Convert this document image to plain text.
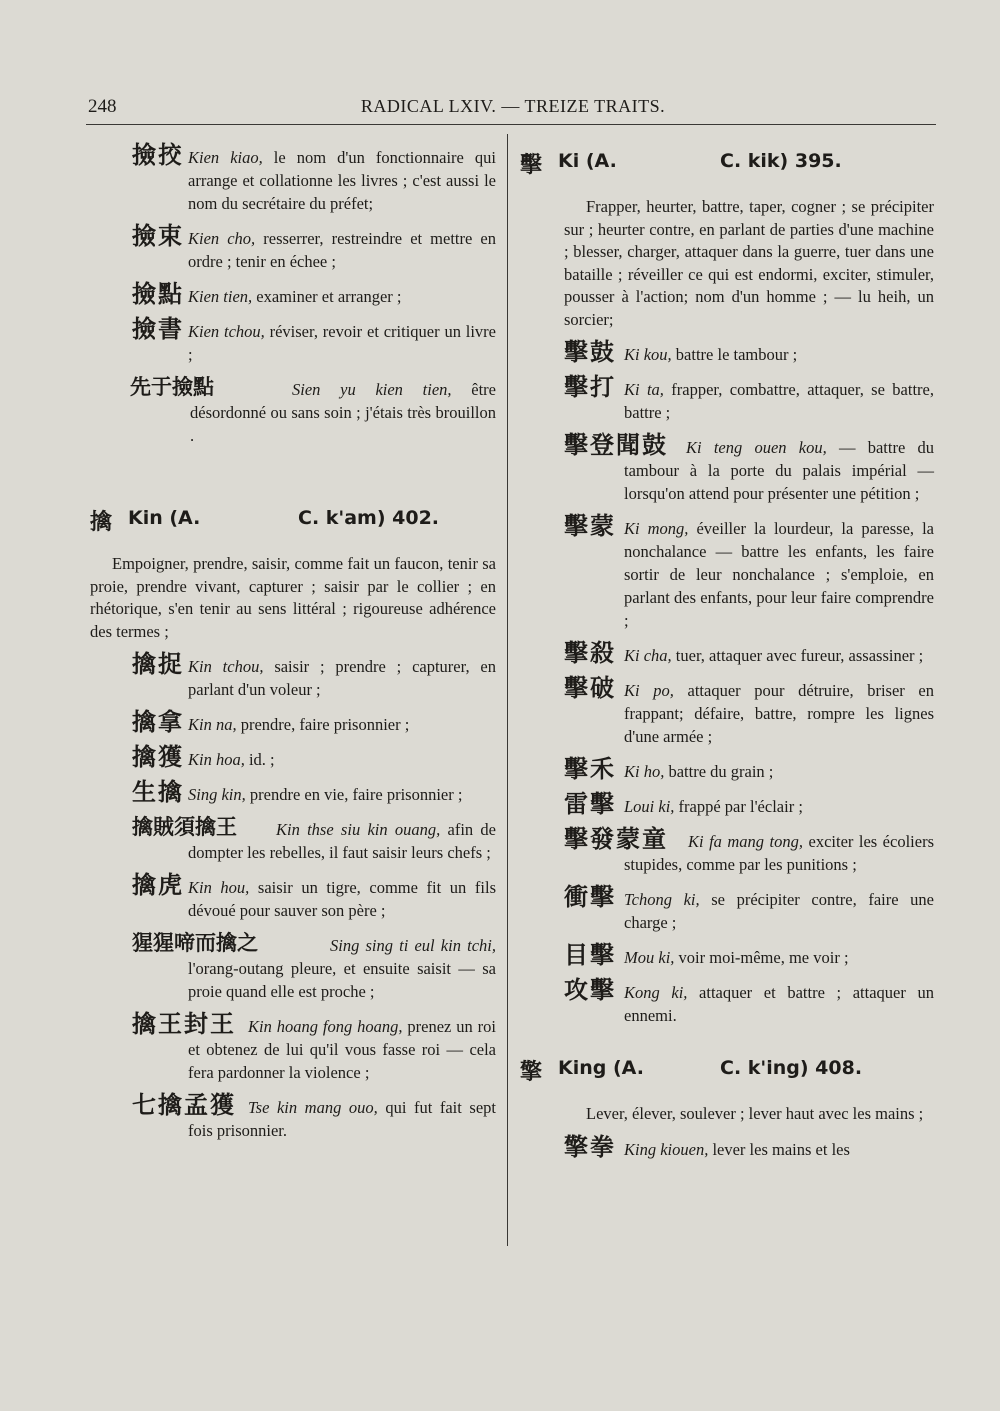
248	RADICAL LXIV. — TREIZE TRAITS.
撿挍 Kien kiao, le nom d'un fonctionnaire qui arrange et collationne les livres ; c'est aussi le nom du secrétaire du préfet;
撿束 Kien cho, resserrer, restreindre et mettre en ordre ; tenir en échee ;
撿點 Kien tien, examiner et arranger ;
撿書 Kien tchou, réviser, revoir et critiquer un livre ;
先于撿點	Sien yu kien tien, être désordonné ou sans soin ; j'étais très brouillon .
擒 Kin (A.	C. k'am) 402.

Empoigner, prendre, saisir, comme fait un faucon, tenir sa proie, prendre vivant, capturer ; saisir par le collier ; en rhétorique, s'en tenir au sens littéral ; rigoureuse adhérence des termes ;

擒捉 Kin tchou, saisir ; prendre ; capturer, en parlant d'un voleur ;
擒拿 Kin na, prendre, faire prisonnier ;
擒獲 Kin hoa, id. ;
生擒 Sing kin, prendre en vie, faire prisonnier ;
擒賊須擒王 Kin thse siu kin ouang, afin de dompter les rebelles, il faut saisir leurs chefs ;
擒虎 Kin hou, saisir un tigre, comme fit un fils dévoué pour sauver son père ;
猩猩啼而擒之	Sing sing ti eul kin tchi, l'orang-outang pleure, et ensuite saisit — sa proie quand elle est proche ;
擒王封王 Kin hoang fong hoang, prenez un roi et obtenez de lui qu'il vous fasse roi — cela fera pardonner la violence ;
七擒孟獲 Tse kin mang ouo, qui fut fait sept fois prisonnier.
擊 Ki (A.	C. kik) 395.

Frapper, heurter, battre, taper, cogner ; se précipiter sur ; heurter contre, en parlant de parties d'une machine ; blesser, charger, attaquer dans la guerre, tuer dans une bataille ; réveiller ce qui est endormi, exciter, stimuler, pousser à l'action; nom d'un homme ; — lu heih, un sorcier;

擊鼓 Ki kou, battre le tambour ;
擊打 Ki ta, frapper, combattre, attaquer, se battre, battre ;
擊登聞鼓 Ki teng ouen kou, — battre du tambour à la porte du palais impérial — lorsqu'on attend pour présenter une pétition ;
擊蒙 Ki mong, éveiller la lourdeur, la paresse, la nonchalance — battre les enfants, les faire sortir de leur nonchalance ; s'emploie, en parlant des enfants, pour leur faire comprendre ;
擊殺 Ki cha, tuer, attaquer avec fureur, assassiner ;
擊破 Ki po, attaquer pour détruire, briser en frappant; défaire, battre, rompre les lignes d'une armée ;
擊禾 Ki ho, battre du grain ;
雷擊 Loui ki, frappé par l'éclair ;
擊發蒙童 Ki fa mang tong, exciter les écoliers stupides, comme par les punitions ;
衝擊 Tchong ki, se précipiter contre, faire une charge ;
目擊 Mou ki, voir moi-même, me voir ;
攻擊 Kong ki, attaquer et battre ; attaquer un ennemi.
擎 King (A.	C. k'ing) 408.

Lever, élever, soulever ; lever haut avec les mains ;

擎拳 King kiouen, lever les mains et les
